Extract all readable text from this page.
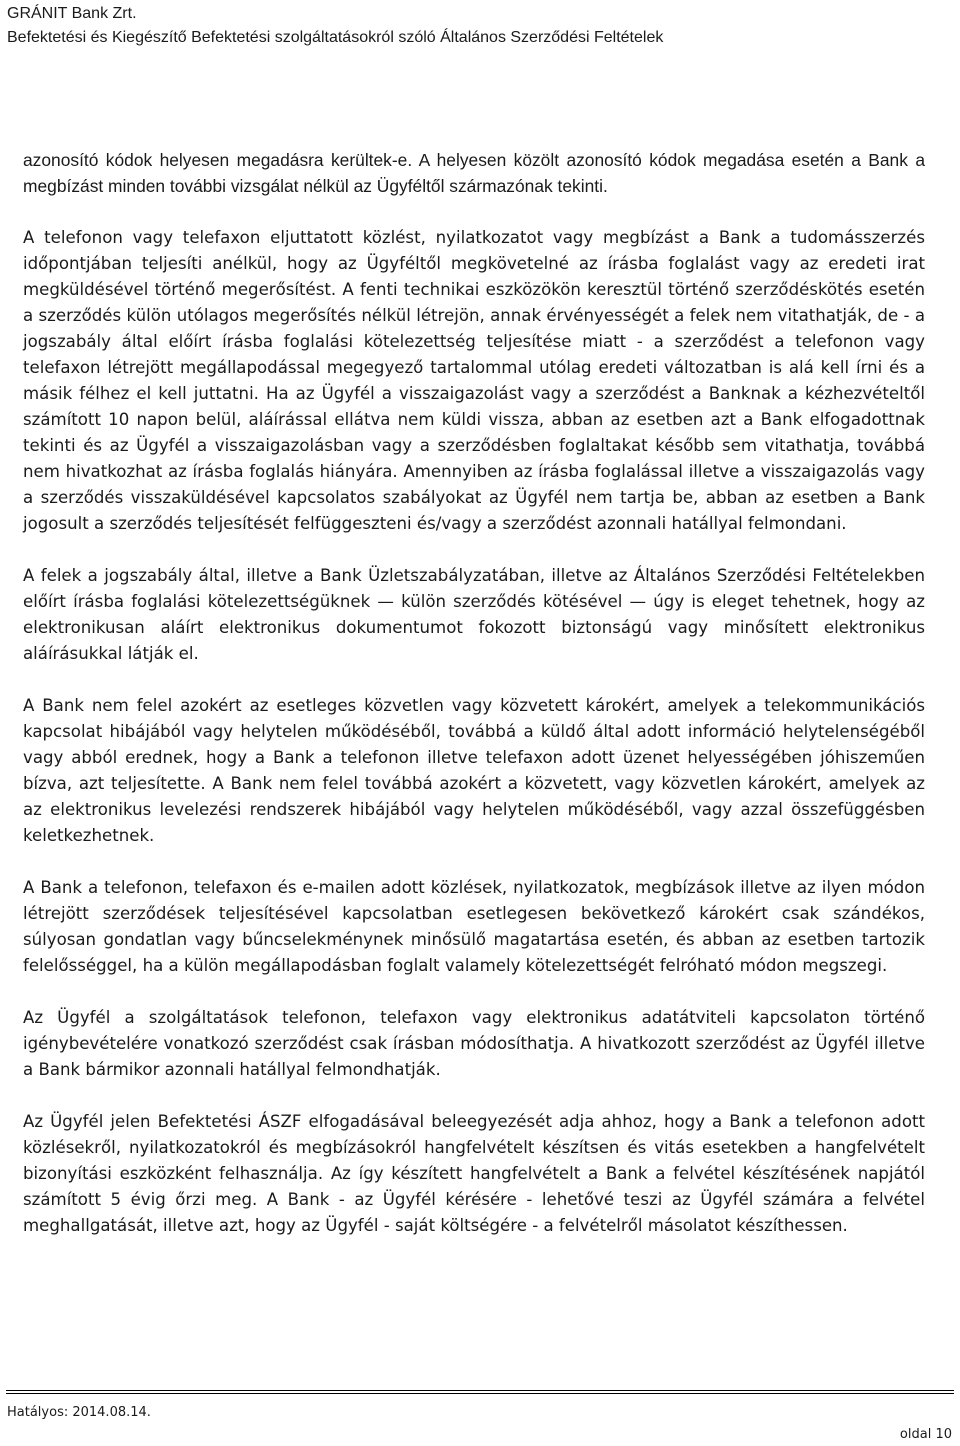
GRÁNIT Bank Zrt.
Befektetési és Kiegészítő Befektetési szolgáltatásokról szóló Általános Szerződési Feltételek

azonosító kódok helyesen megadásra kerültek-e. A helyesen közölt azonosító kódok megadása esetén a Bank a megbízást minden további vizsgálat nélkül az Ügyféltől származónak tekinti.

A telefonon vagy telefaxon eljuttatott közlést, nyilatkozatot vagy megbízást a Bank a tudomásszerzés időpontjában teljesíti anélkül, hogy az Ügyféltől megkövetelné az írásba foglalást vagy az eredeti irat megküldésével történő megerősítést. A fenti technikai eszközökön keresztül történő szerződéskötés esetén a szerződés külön utólagos megerősítés nélkül létrejön, annak érvényességét a felek nem vitathatják, de - a jogszabály által előírt írásba foglalási kötelezettség teljesítése miatt - a szerződést a telefonon vagy telefaxon létrejött megállapodással megegyező tartalommal utólag eredeti változatban is alá kell írni és a másik félhez el kell juttatni. Ha az Ügyfél a visszaigazolást vagy a szerződést a Banknak a kézhezvételtől számított 10 napon belül, aláírással ellátva nem küldi vissza, abban az esetben azt a Bank elfogadottnak tekinti és az Ügyfél a visszaigazolásban vagy a szerződésben foglaltakat később sem vitathatja, továbbá nem hivatkozhat az írásba foglalás hiányára. Amennyiben az írásba foglalással illetve a visszaigazolás vagy a szerződés visszaküldésével kapcsolatos szabályokat az Ügyfél nem tartja be, abban az esetben a Bank jogosult a szerződés teljesítését felfüggeszteni és/vagy a szerződést azonnali hatállyal felmondani.

A felek a jogszabály által, illetve a Bank Üzletszabályzatában, illetve az Általános Szerződési Feltételekben előírt írásba foglalási kötelezettségüknek — külön szerződés kötésével — úgy is eleget tehetnek, hogy az elektronikusan aláírt elektronikus dokumentumot fokozott biztonságú vagy minősített elektronikus aláírásukkal látják el.

A Bank nem felel azokért az esetleges közvetlen vagy közvetett károkért, amelyek a telekommunikációs kapcsolat hibájából vagy helytelen működéséből, továbbá a küldő által adott információ helytelenségéből vagy abból erednek, hogy a Bank a telefonon illetve telefaxon adott üzenet helyességében jóhiszeműen bízva, azt teljesítette. A Bank nem felel továbbá azokért a közvetett, vagy közvetlen károkért, amelyek az az elektronikus levelezési rendszerek hibájából vagy helytelen működéséből, vagy azzal összefüggésben keletkezhetnek.

A Bank a telefonon, telefaxon és e-mailen adott közlések, nyilatkozatok, megbízások illetve az ilyen módon létrejött szerződések teljesítésével kapcsolatban esetlegesen bekövetkező károkért csak szándékos, súlyosan gondatlan vagy bűncselekménynek minősülő magatartása esetén, és abban az esetben tartozik felelősséggel, ha a külön megállapodásban foglalt valamely kötelezettségét felróható módon megszegi.

Az Ügyfél a szolgáltatások telefonon, telefaxon vagy elektronikus adatátviteli kapcsolaton történő igénybevételére vonatkozó szerződést csak írásban módosíthatja. A hivatkozott szerződést az Ügyfél illetve a Bank bármikor azonnali hatállyal felmondhatják.

Az Ügyfél jelen Befektetési ÁSZF elfogadásával beleegyezését adja ahhoz, hogy a Bank a telefonon adott közlésekről, nyilatkozatokról és megbízásokról hangfelvételt készítsen és vitás esetekben a hangfelvételt bizonyítási eszközként felhasználja. Az így készített hangfelvételt a Bank a felvétel készítésének napjától számított 5 évig őrzi meg. A Bank - az Ügyfél kérésére - lehetővé teszi az Ügyfél számára a felvétel meghallgatását, illetve azt, hogy az Ügyfél - saját költségére - a felvételről másolatot készíthessen.

Hatályos: 2014.08.14.
oldal 10
